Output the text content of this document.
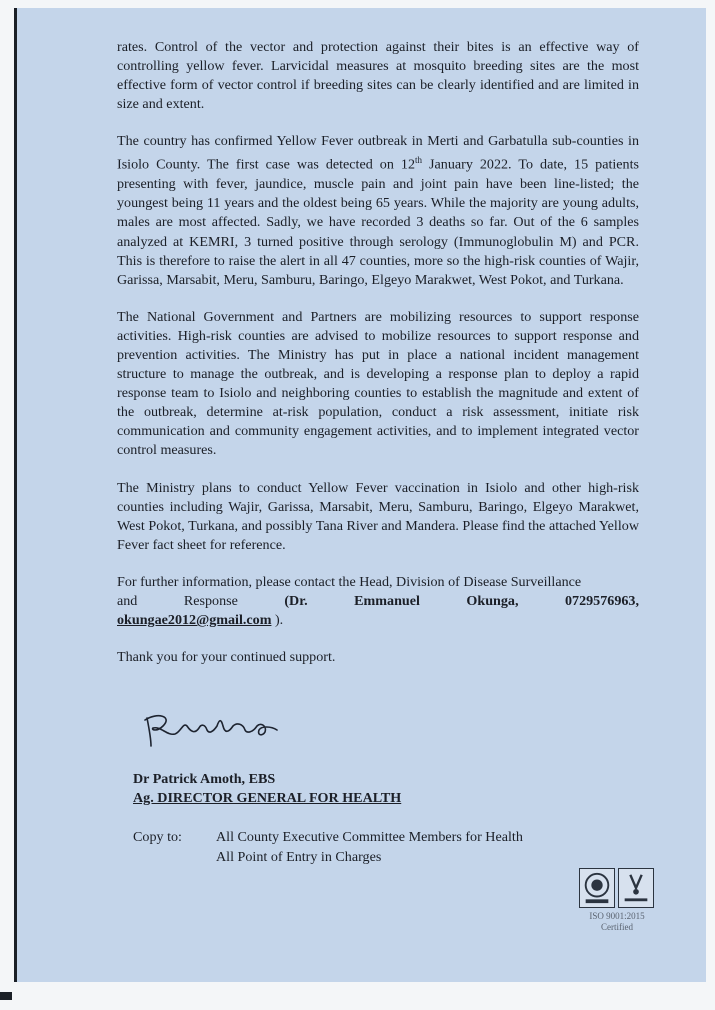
rates. Control of the vector and protection against their bites is an effective way of controlling yellow fever. Larvicidal measures at mosquito breeding sites are the most effective form of vector control if breeding sites can be clearly identified and are limited in size and extent.

The country has confirmed Yellow Fever outbreak in Merti and Garbatulla sub-counties in Isiolo County. The first case was detected on 12th January 2022. To date, 15 patients presenting with fever, jaundice, muscle pain and joint pain have been line-listed; the youngest being 11 years and the oldest being 65 years. While the majority are young adults, males are most affected. Sadly, we have recorded 3 deaths so far. Out of the 6 samples analyzed at KEMRI, 3 turned positive through serology (Immunoglobulin M) and PCR. This is therefore to raise the alert in all 47 counties, more so the high-risk counties of Wajir, Garissa, Marsabit, Meru, Samburu, Baringo, Elgeyo Marakwet, West Pokot, and Turkana.

The National Government and Partners are mobilizing resources to support response activities. High-risk counties are advised to mobilize resources to support response and prevention activities. The Ministry has put in place a national incident management structure to manage the outbreak, and is developing a response plan to deploy a rapid response team to Isiolo and neighboring counties to establish the magnitude and extent of the outbreak, determine at-risk population, conduct a risk assessment, initiate risk communication and community engagement activities, and to implement integrated vector control measures.

The Ministry plans to conduct Yellow Fever vaccination in Isiolo and other high-risk counties including Wajir, Garissa, Marsabit, Meru, Samburu, Baringo, Elgeyo Marakwet, West Pokot, Turkana, and possibly Tana River and Mandera. Please find the attached Yellow Fever fact sheet for reference.

For further information, please contact the Head, Division of Disease Surveillance
and	Response	(Dr.	Emmanuel	Okunga,	0729576963,
okungae2012@gmail.com ).

Thank you for your continued support.

Dr Patrick Amoth, EBS
Ag. DIRECTOR GENERAL FOR HEALTH
Copy to:	All County Executive Committee Members for Health
All Point of Entry in Charges
ISO 9001:2015
Certified
